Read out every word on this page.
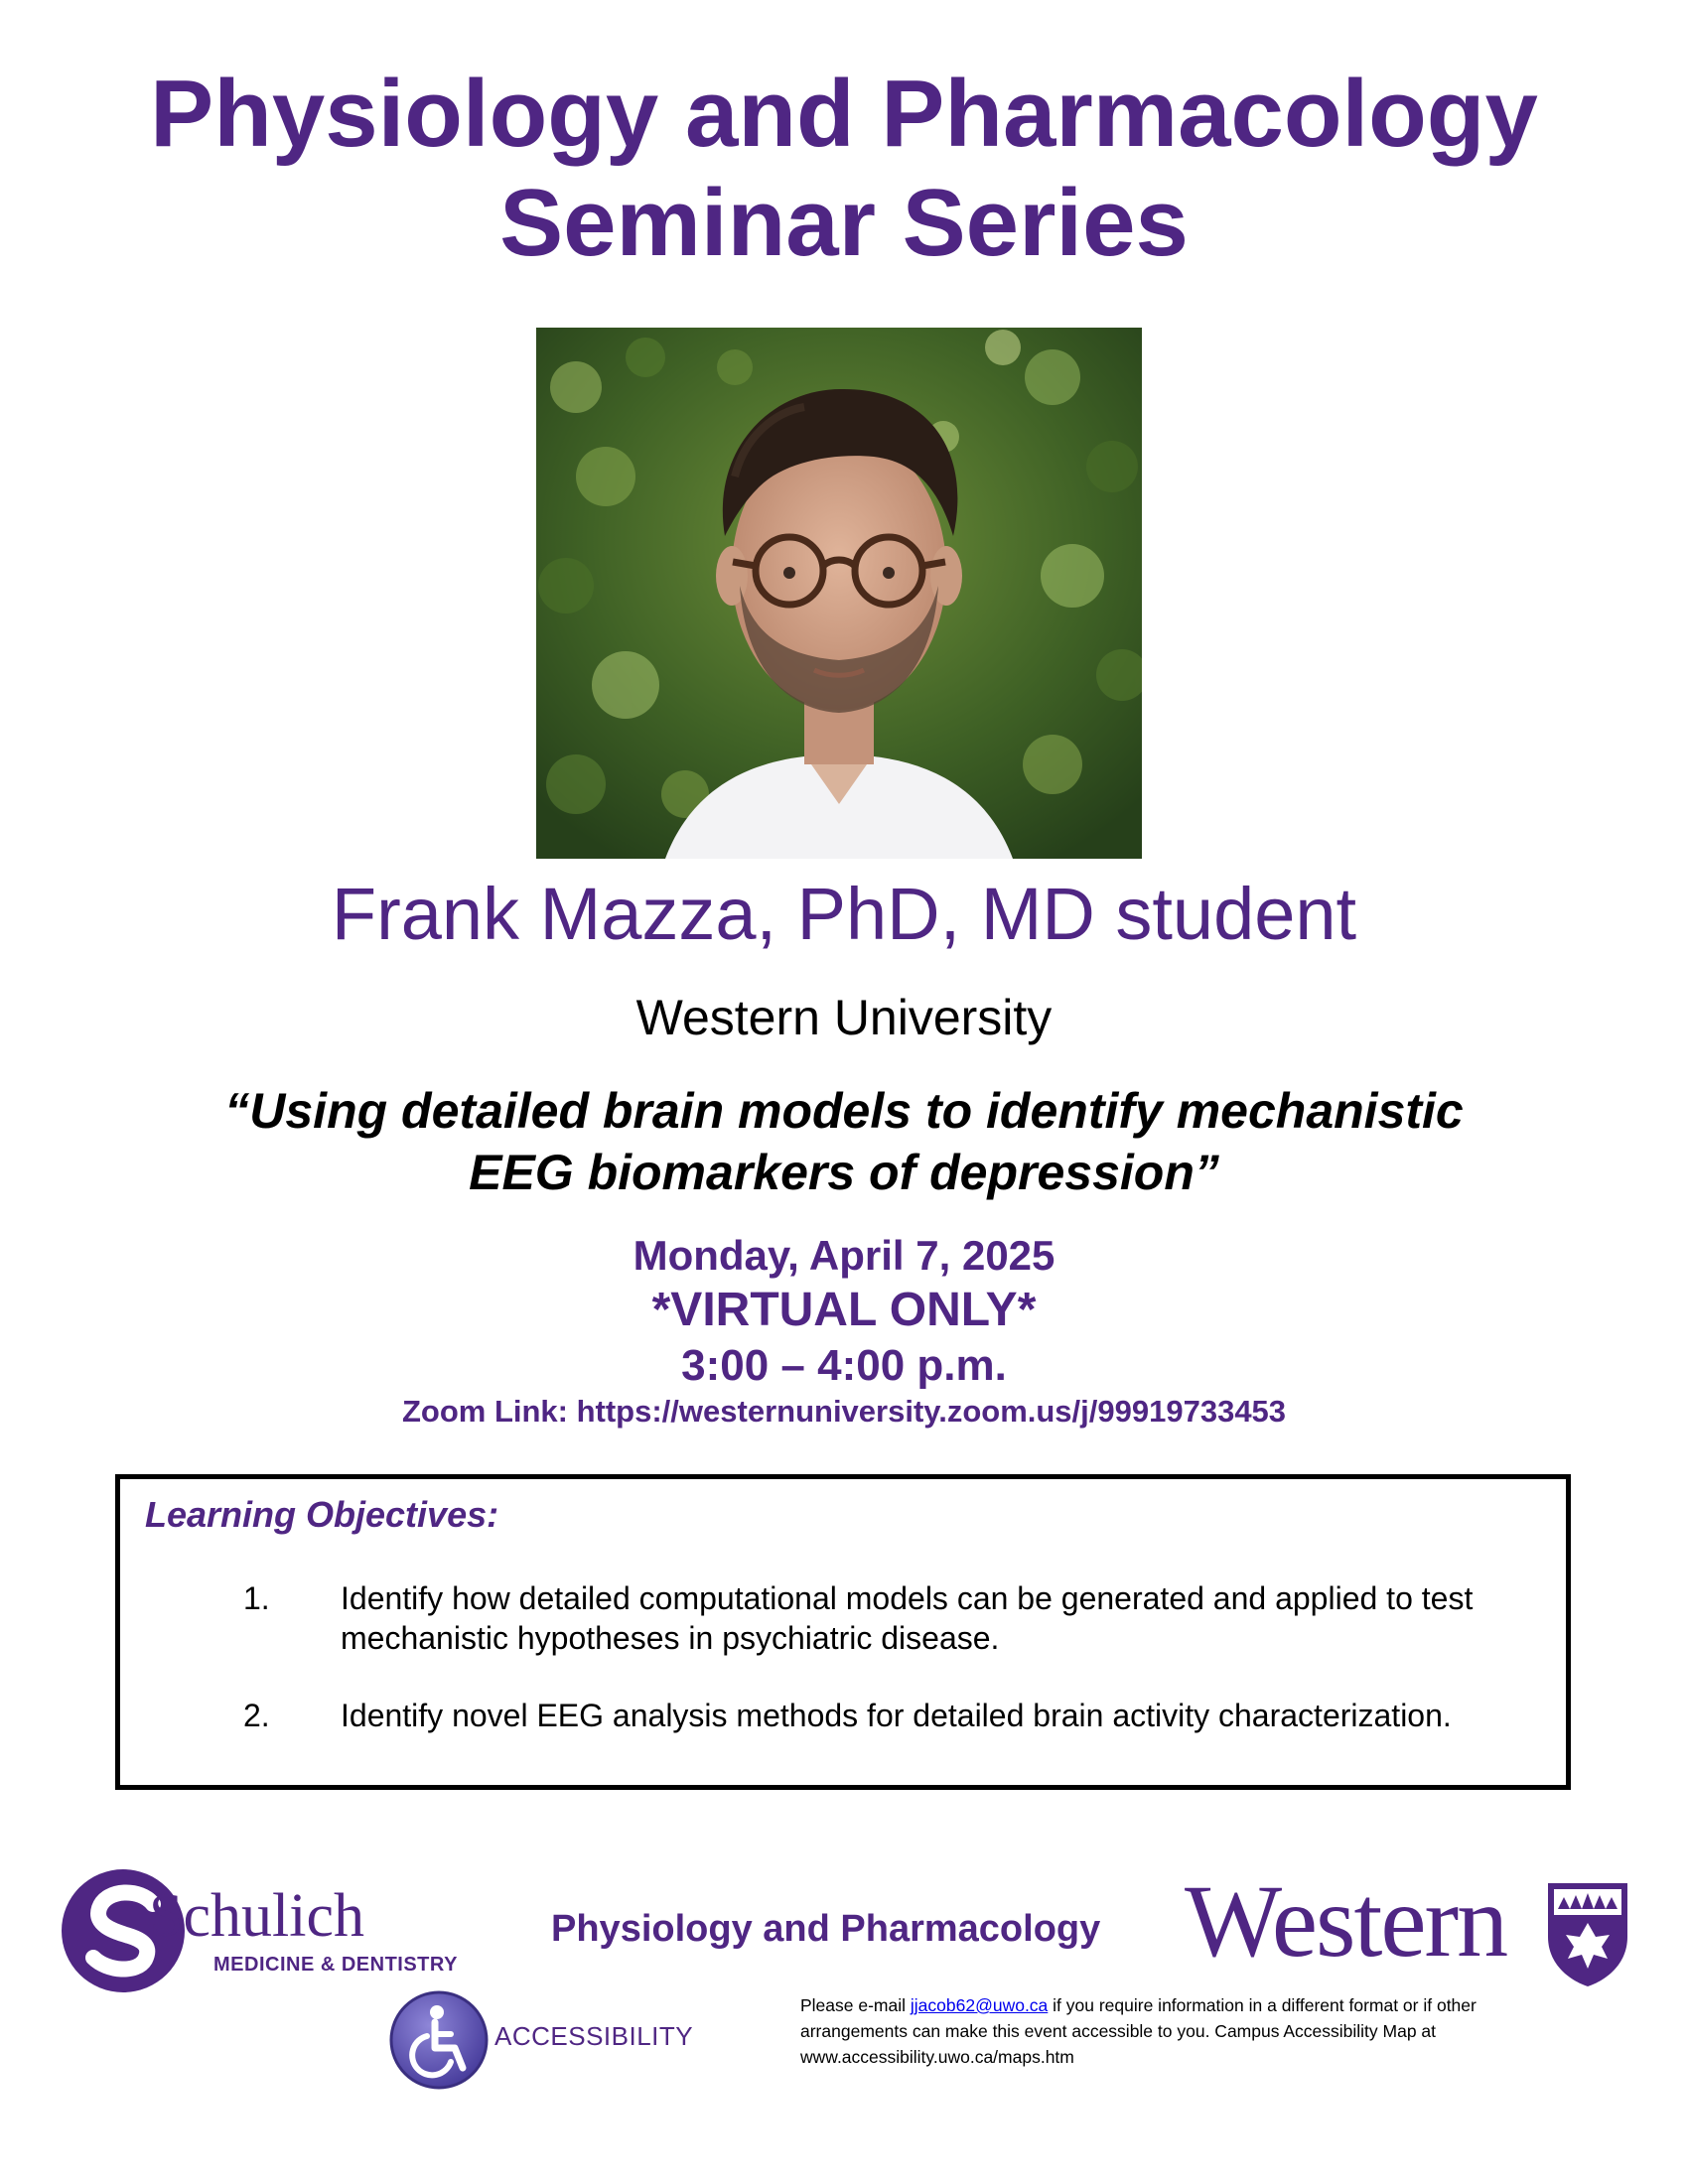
Physiology and Pharmacology
Seminar Series
Frank Mazza, PhD, MD student
Western University
“Using detailed brain models to identify mechanistic
EEG biomarkers of depression”
Monday, April 7, 2025
*VIRTUAL ONLY*
3:00 – 4:00 p.m.
Zoom Link: https://westernuniversity.zoom.us/j/99919733453
Learning Objectives:
1. Identify how detailed computational models can be generated and applied to test mechanistic hypotheses in psychiatric disease.
2. Identify novel EEG analysis methods for detailed brain activity characterization.
Schulich
MEDICINE & DENTISTRY
Physiology and Pharmacology Western
ACCESSIBILITY
Please e-mail jjacob62@uwo.ca if you require information in a different format or if other arrangements can make this event accessible to you. Campus Accessibility Map at www.accessibility.uwo.ca/maps.htm
